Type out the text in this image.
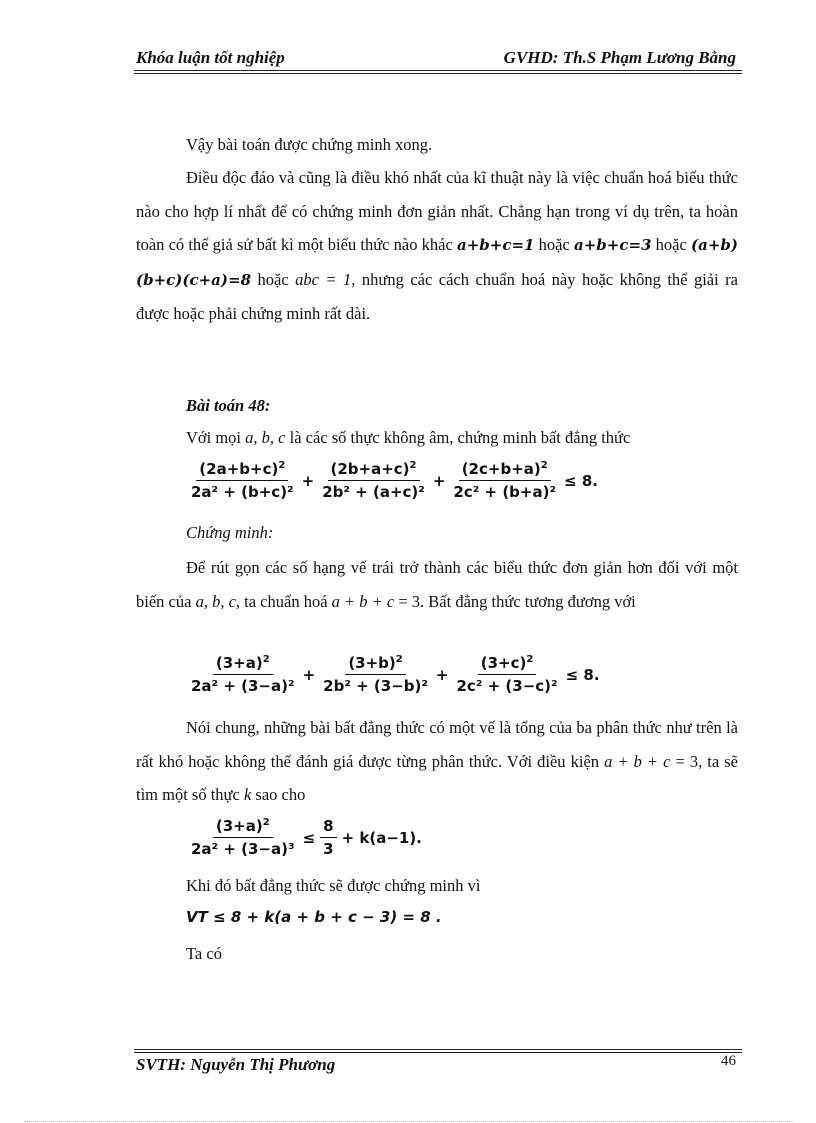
Khóa luận tốt nghiệp	GVHD: Th.S Phạm Lương Bằng
Vậy bài toán được chứng minh xong.
Điều độc đáo và cũng là điều khó nhất của kĩ thuật này là việc chuẩn hoá biểu thức nào cho hợp lí nhất để có chứng minh đơn giản nhất. Chẳng hạn trong ví dụ trên, ta hoàn toàn có thể giả sử bất kì một biểu thức nào khác a+b+c=1 hoặc a+b+c=3 hoặc (a+b)(b+c)(c+a)=8 hoặc abc = 1, nhưng các cách chuẩn hoá này hoặc không thể giải ra được hoặc phải chứng minh rất dài.
Bài toán 48:
Với mọi a, b, c là các số thực không âm, chứng minh bất đẳng thức
$\frac{(2a+b+c)^2}{\text{2a² + (b+c)²}} + \frac{(2b+a+c)^2}{\text{2b² + (a+c)²}} + \frac{(2c+b+a)^2}{\text{2c² + (b+a)²}} \le 8$.
Chứng minh:
Để rút gọn các số hạng vế trái trở thành các biểu thức đơn giản hơn đối với một biến của a, b, c, ta chuẩn hoá a + b + c = 3. Bất đẳng thức tương đương với
$\frac{(3+a)^2}{\text{2a² + (3−a)²}} + \frac{(3+b)^2}{\text{2b² + (3−b)²}} + \frac{(3+c)^2}{\text{2c² + (3−c)²}} \le 8$.
Nói chung, những bài bất đẳng thức có một vế là tổng của ba phân thức như trên là rất khó hoặc không thể đánh giá được từng phân thức. Với điều kiện a + b + c = 3, ta sẽ tìm một số thực k sao cho
$\frac{(3+a)^2}{\text{2a² + (3−a)³}} \le \frac{8}{3} + k(a-1)$.
Khi đó bất đẳng thức sẽ được chứng minh vì
VT ≤ 8 + k(a + b + c − 3) = 8 .
Ta có
SVTH: Nguyễn Thị Phương	46
